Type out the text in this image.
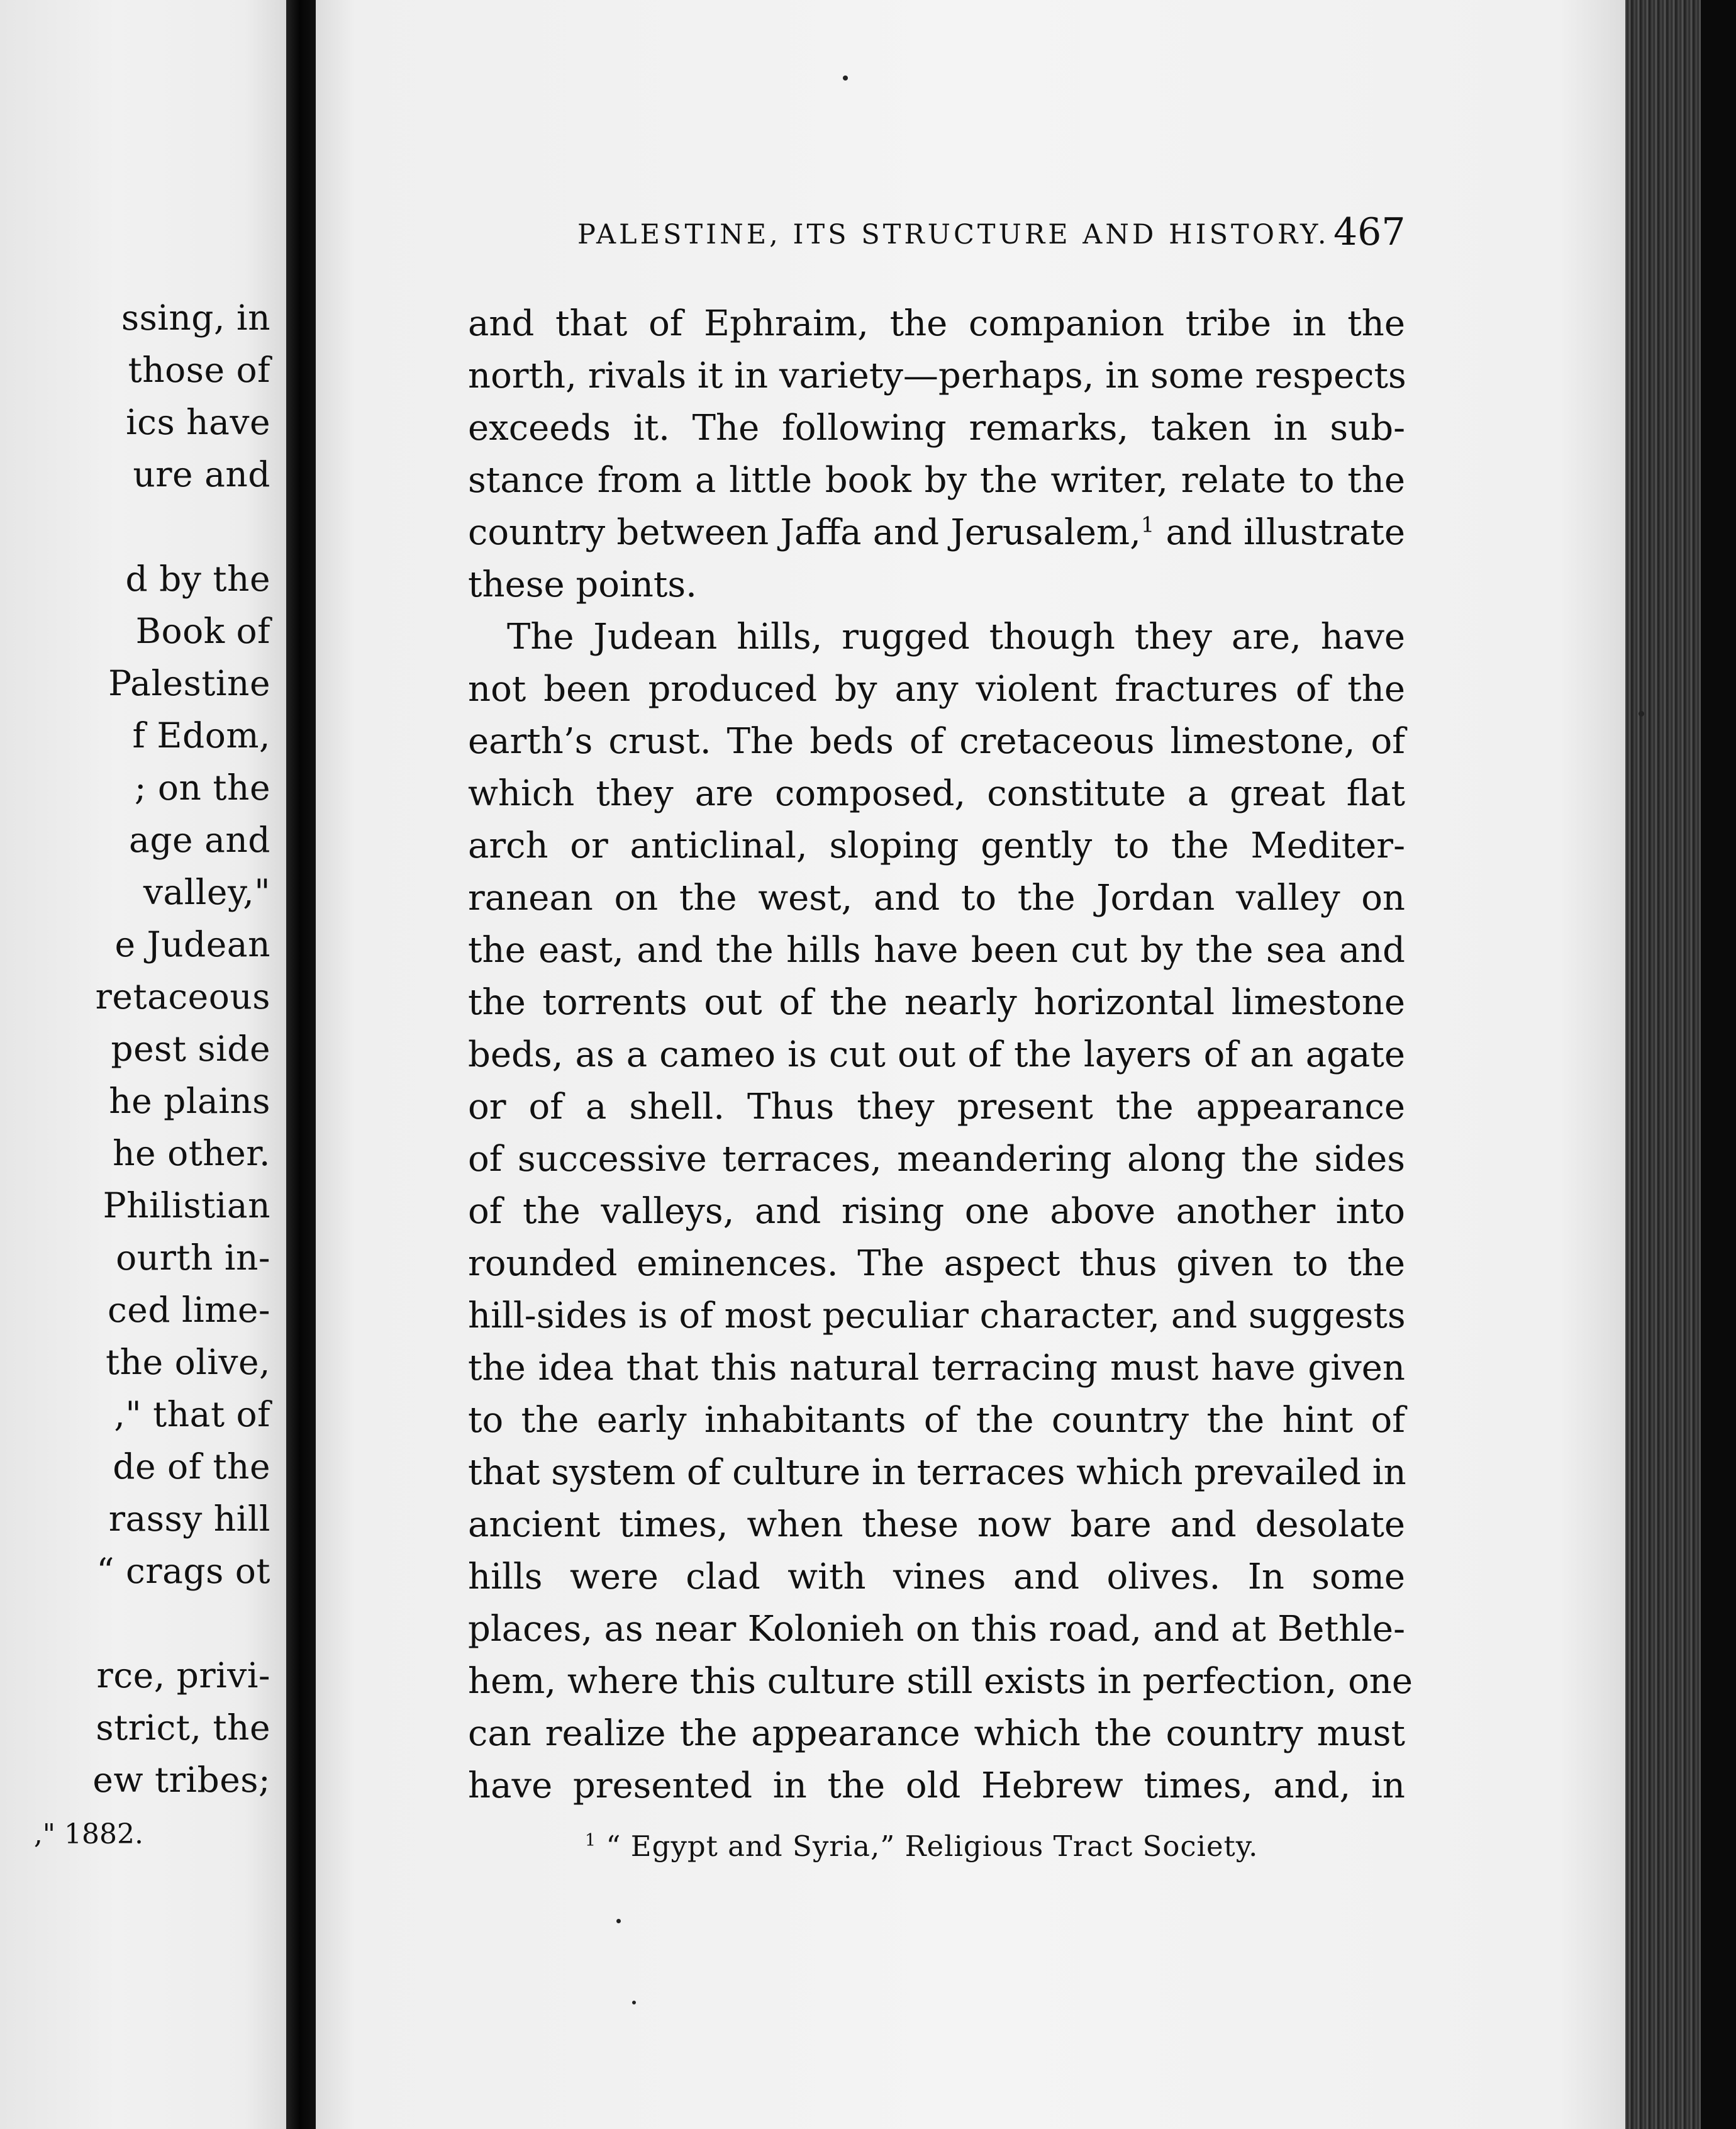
ssing, in
those of
ics have
ure and
d by the
Book of
Palestine
f Edom,
; on the
age and
valley,"
e Judean
retaceous
pest side
he plains
he other.
Philistian
ourth in-
ced lime-
the olive,
," that of
de of the
rassy hill
“ crags ot
rce, privi-
strict, the
ew tribes;
," 1882.
PALESTINE, ITS STRUCTURE AND HISTORY. 467
and that of Ephraim, the companion tribe in the
north, rivals it in variety—perhaps, in some respects
exceeds it. The following remarks, taken in sub-
stance from a little book by the writer, relate to the
country between Jaffa and Jerusalem,$^1$ and illustrate
these points.
The Judean hills, rugged though they are, have
not been produced by any violent fractures of the
earth’s crust. The beds of cretaceous limestone, of
which they are composed, constitute a great flat
arch or anticlinal, sloping gently to the Mediter-
ranean on the west, and to the Jordan valley on
the east, and the hills have been cut by the sea and
the torrents out of the nearly horizontal limestone
beds, as a cameo is cut out of the layers of an agate
or of a shell. Thus they present the appearance
of successive terraces, meandering along the sides
of the valleys, and rising one above another into
rounded eminences. The aspect thus given to the
hill-sides is of most peculiar character, and suggests
the idea that this natural terracing must have given
to the early inhabitants of the country the hint of
that system of culture in terraces which prevailed in
ancient times, when these now bare and desolate
hills were clad with vines and olives. In some
places, as near Kolonieh on this road, and at Bethle-
hem, where this culture still exists in perfection, one
can realize the appearance which the country must
have presented in the old Hebrew times, and, in
$^1$ “ Egypt and Syria,” Religious Tract Society.
